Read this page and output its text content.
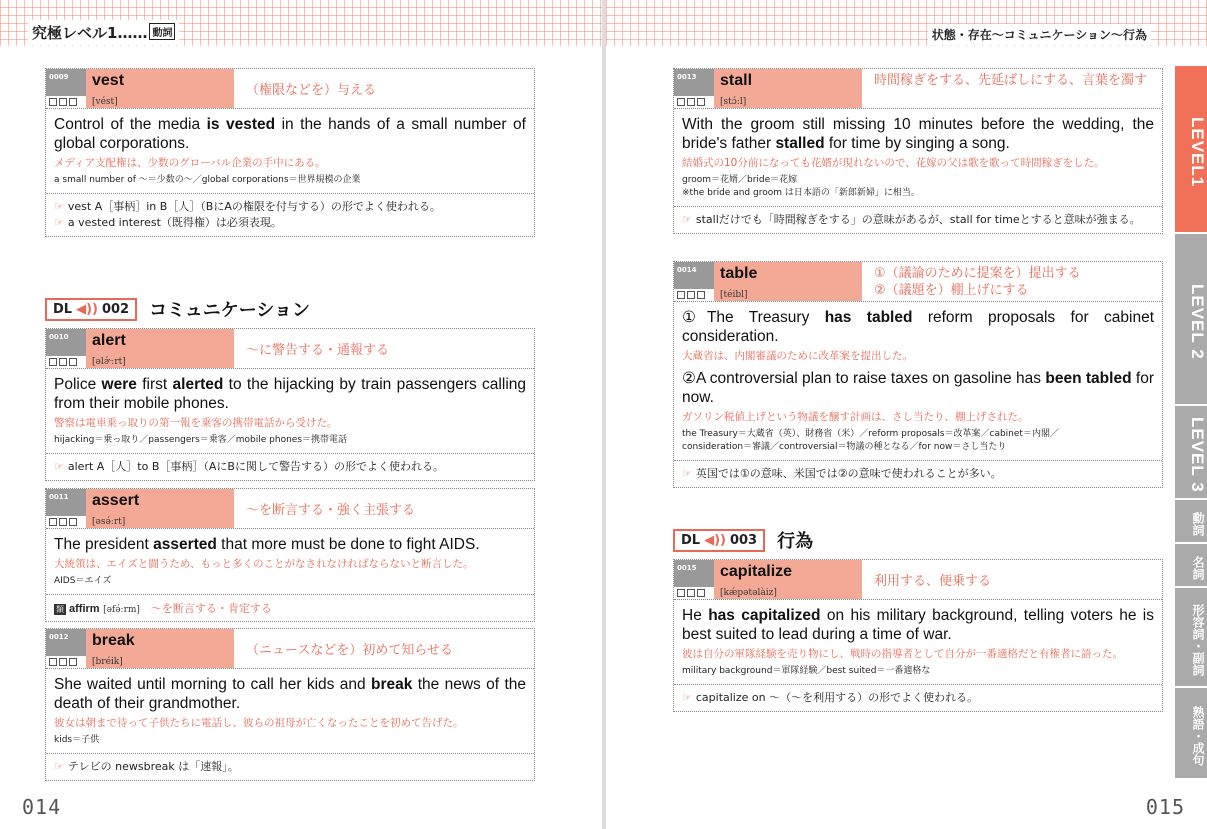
究極レベル1…… 動詞	状態・存在〜コミュニケーション〜行為
0009 vest
[vést]
（権限などを）与える
Control of the media is vested in the hands of a small number of global corporations.
メディア支配権は、少数のグローバル企業の手中にある。
a small number of 〜＝少数の〜／global corporations＝世界規模の企業
☞ vest A［事柄］in B［人］（BにAの権限を付与する）の形でよく使われる。
☞ a vested interest（既得権）は必須表現。
DL ◀)) 002 コミュニケーション
0010 alert
[əlɚ́ːrt]
〜に警告する・通報する
Police were first alerted to the hijacking by train passengers calling from their mobile phones.
警察は電車乗っ取りの第一報を乗客の携帯電話から受けた。
hijacking＝乗っ取り／passengers＝乗客／mobile phones＝携帯電話
☞ alert A［人］to B［事柄］（AにBに関して警告する）の形でよく使われる。
0011 assert
[əsə́ːrt]
〜を断言する・強く主張する
The president asserted that more must be done to fight AIDS.
大統領は、エイズと闘うため、もっと多くのことがなされなければならないと断言した。
AIDS＝エイズ
類 affirm [əfə́ːrm]　 〜を断言する・肯定する
0012 break
[bréik]
（ニュースなどを）初めて知らせる
She waited until morning to call her kids and break the news of the death of their grandmother.
彼女は朝まで待って子供たちに電話し、彼らの祖母が亡くなったことを初めて告げた。
kids＝子供
☞ テレビの newsbreak は「速報」。
0013 stall
[stɔ́ːl]
時間稼ぎをする、先延ばしにする、言葉を濁す
With the groom still missing 10 minutes before the wedding, the bride's father stalled for time by singing a song.
結婚式の10分前になっても花婿が現れないので、花嫁の父は歌を歌って時間稼ぎをした。
groom＝花婿／bride＝花嫁
※the bride and groom は日本語の「新郎新婦」に相当。
☞ stallだけでも「時間稼ぎをする」の意味があるが、stall for timeとすると意味が強まる。
0014 table
[téibl]
①（議論のために提案を）提出する
②（議題を）棚上げにする
①The Treasury has tabled reform proposals for cabinet consideration.
大蔵省は、内閣審議のために改革案を提出した。
②A controversial plan to raise taxes on gasoline has been tabled for now.
ガソリン税値上げという物議を醸す計画は、さし当たり、棚上げされた。
the Treasury＝大蔵省（英）、財務省（米）／reform proposals＝改革案／cabinet＝内閣／
consideration＝審議／controversial＝物議の種となる／for now＝さし当たり
☞ 英国では①の意味、米国では②の意味で使われることが多い。
DL ◀)) 003 行為
0015 capitalize
[kǽpətəlàiz]
利用する、便乗する
He has capitalized on his military background, telling voters he is best suited to lead during a time of war.
彼は自分の軍隊経験を売り物にし、戦時の指導者として自分が一番適格だと有権者に語った。
military background＝軍隊経験／best suited＝一番適格な
☞ capitalize on 〜（〜を利用する）の形でよく使われる。
LEVEL1
LEVEL 2
LEVEL 3
動詞
名詞
形容詞・副詞
熟語・成句
014	015
